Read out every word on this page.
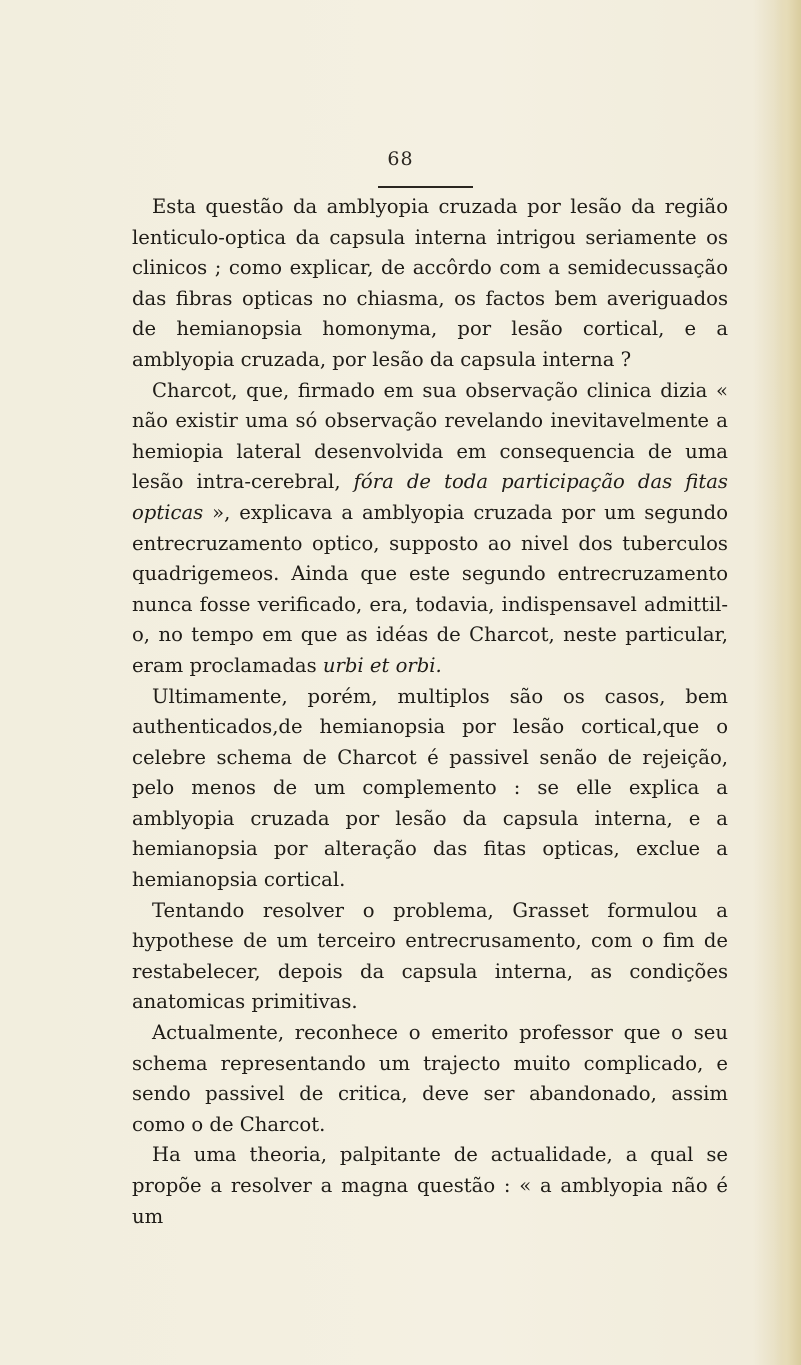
68

Esta questão da amblyopia cruzada por lesão da região lenticulo-optica da capsula interna intrigou seriamente os clinicos ; como explicar, de accôrdo com a semidecussação das fibras opticas no chiasma, os factos bem averiguados de hemianopsia homonyma, por lesão cortical, e a amblyopia cruzada, por lesão da capsula interna ?

Charcot, que, firmado em sua observação clinica dizia « não existir uma só observação revelando inevitavelmente a hemiopia lateral desenvolvida em consequencia de uma lesão intra-cerebral, fóra de toda participação das fitas opticas », explicava a amblyopia cruzada por um segundo entrecruzamento optico, supposto ao nivel dos tuberculos quadrigemeos. Ainda que este segundo entrecruzamento nunca fosse verificado, era, todavia, indispensavel admittil-o, no tempo em que as idéas de Charcot, neste particular, eram proclamadas urbi et orbi.

Ultimamente, porém, multiplos são os casos, bem authenticados,de hemianopsia por lesão cortical,que o celebre schema de Charcot é passivel senão de rejeição, pelo menos de um complemento : se elle explica a amblyopia cruzada por lesão da capsula interna, e a hemianopsia por alteração das fitas opticas, exclue a hemianopsia cortical.

Tentando resolver o problema, Grasset formulou a hypothese de um terceiro entrecrusamento, com o fim de restabelecer, depois da capsula interna, as condições anatomicas primitivas.

Actualmente, reconhece o emerito professor que o seu schema representando um trajecto muito complicado, e sendo passivel de critica, deve ser abandonado, assim como o de Charcot.

Ha uma theoria, palpitante de actualidade, a qual se propõe a resolver a magna questão : « a amblyopia não é um
